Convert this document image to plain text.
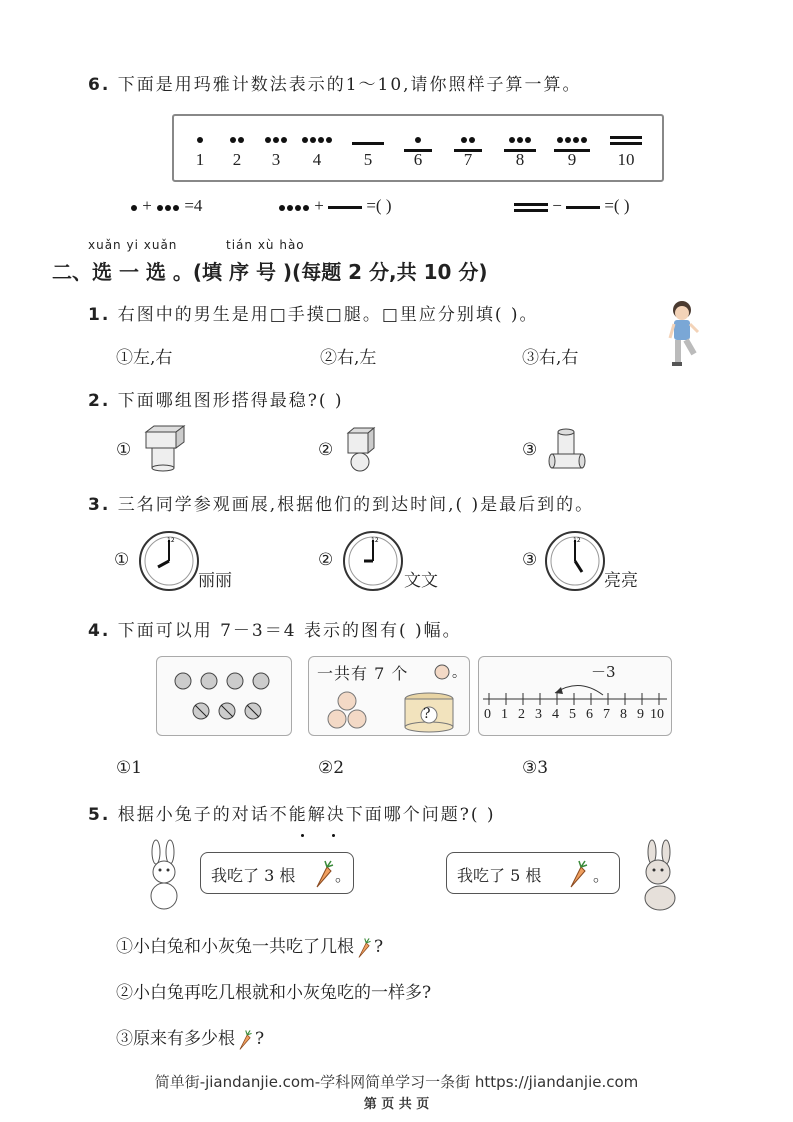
6. 下面是用玛雅计数法表示的1～10,请你照样子算一算。
1	2	3	4	5	6	7	8	9	10
+  =4	+  =( )	−  =( )
xuǎn yi xuǎn	tián xù hào
二、选 一 选 。(填 序 号 )(每题 2 分,共 10 分)
1. 右图中的男生是用□手摸□腿。□里应分别填( )。
①左,右	②右,左	③右,右
2. 下面哪组图形搭得最稳?( )
①	②	③
3. 三名同学参观画展,根据他们的到达时间,( )是最后到的。
①
12
丽丽
②
12
文文
③
12
亮亮
4. 下面可以用 7－3＝4 表示的图有( )幅。
一共有 7 个	。
?
－3
0 1 2 3 4 5 6 7 8 9 10
①1	②2	③3
5. 根据小兔子的对话不能解决下面哪个问题?( )

我吃了 3 根 。	我吃了 5 根	。
①小白兔和小灰兔一共吃了几根 ?
②小白兔再吃几根就和小灰兔吃的一样多?
③原来有多少根 ?
简单街-jiandanjie.com-学科网简单学习一条街 https://jiandanjie.com
第 页 共 页
